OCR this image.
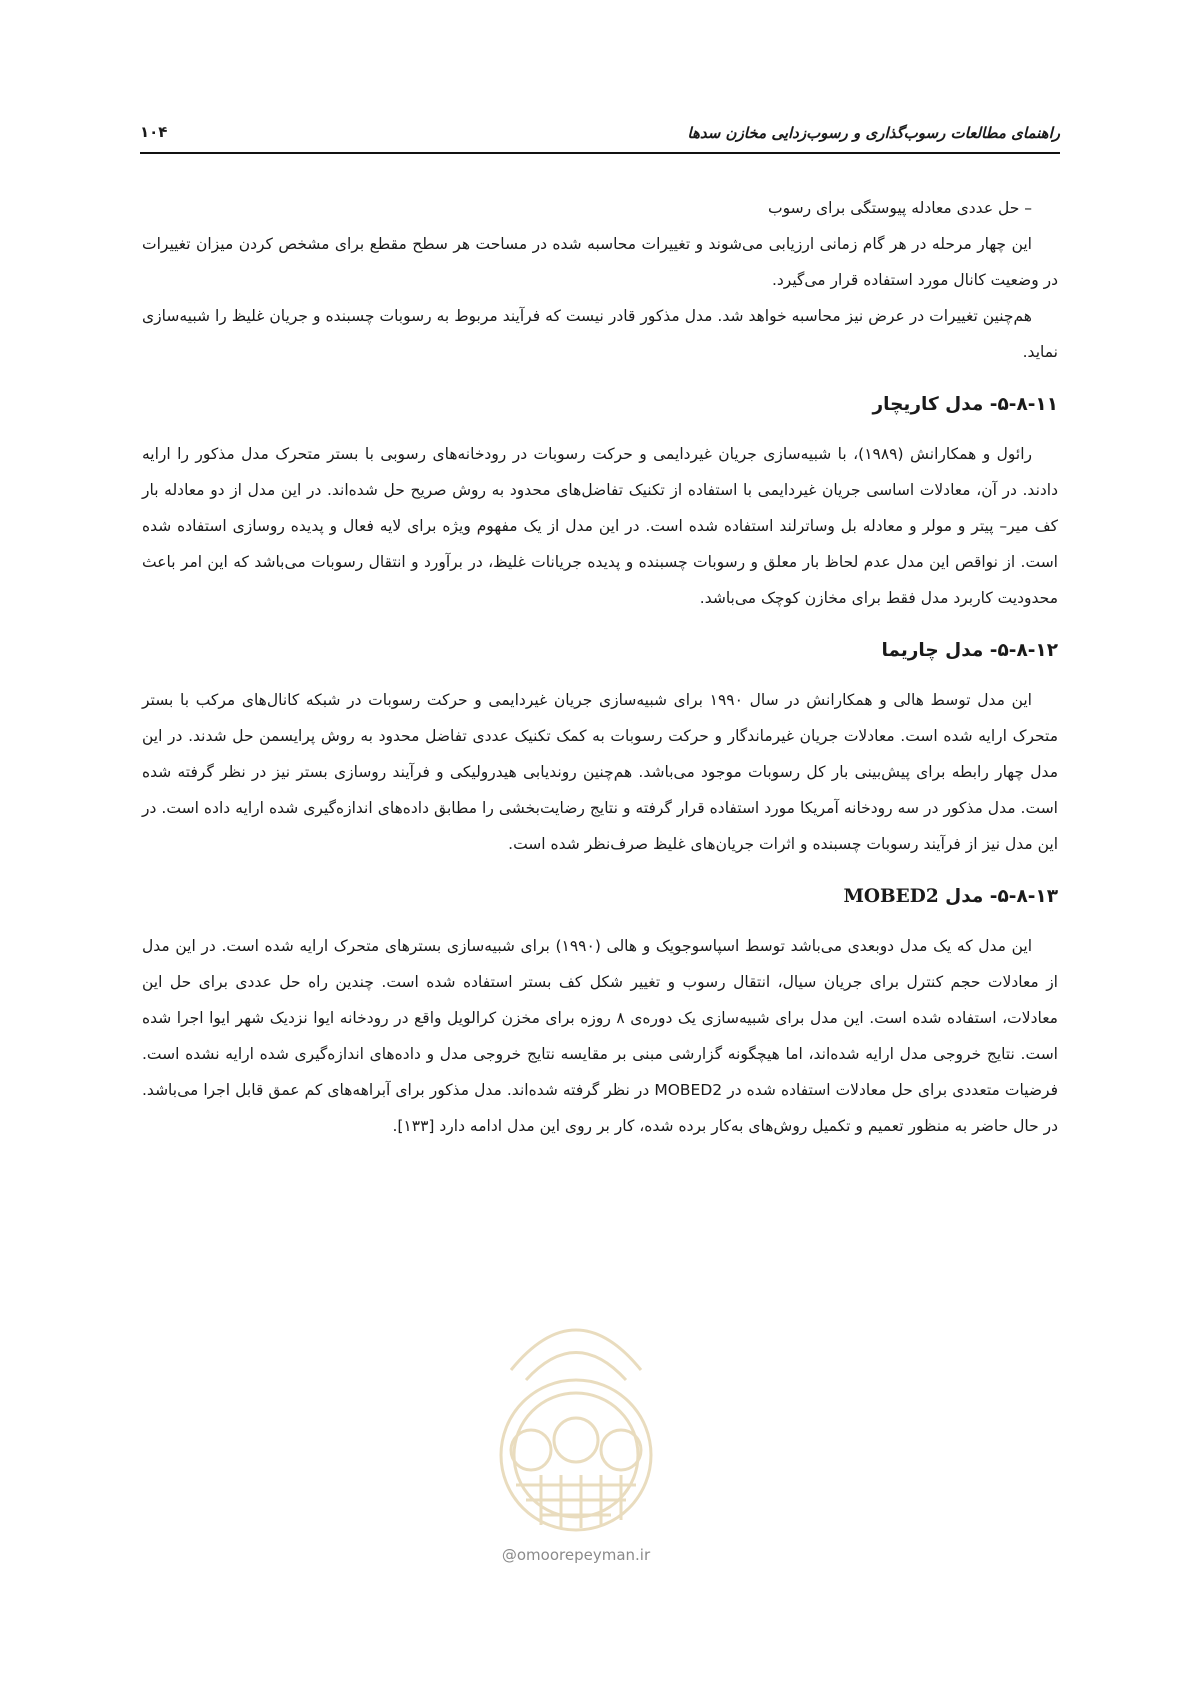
راهنمای مطالعات رسوب‌گذاری و رسوب‌زدایی مخازن سدها
۱۰۴

– حل عددی معادله پیوستگی برای رسوب

این چهار مرحله در هر گام زمانی ارزیابی می‌شوند و تغییرات محاسبه شده در مساحت هر سطح مقطع برای مشخص کردن میزان تغییرات در وضعیت کانال مورد استفاده قرار می‌گیرد.

هم‌چنین تغییرات در عرض نیز محاسبه خواهد شد. مدل مذکور قادر نیست که فرآیند مربوط به رسوبات چسبنده و جریان غلیظ را شبیه‌سازی نماید.

۵-۸-۱۱- مدل کاریچار

رائول و همکارانش (۱۹۸۹)، با شبیه‌سازی جریان غیردایمی و حرکت رسوبات در رودخانه‌های رسوبی با بستر متحرک مدل مذکور را ارایه دادند. در آن، معادلات اساسی جریان غیردایمی با استفاده از تکنیک تفاضل‌های محدود به روش صریح حل شده‌اند. در این مدل از دو معادله بار کف میر– پیتر و مولر و معادله بل وساترلند استفاده شده است. در این مدل از یک مفهوم ویژه برای لایه فعال و پدیده روسازی استفاده شده است. از نواقص این مدل عدم لحاظ بار معلق و رسوبات چسبنده و پدیده جریانات غلیظ، در برآورد و انتقال رسوبات می‌باشد که این امر باعث محدودیت کاربرد مدل فقط برای مخازن کوچک می‌باشد.

۵-۸-۱۲- مدل چاریما

این مدل توسط هالی و همکارانش در سال ۱۹۹۰ برای شبیه‌سازی جریان غیردایمی و حرکت رسوبات در شبکه کانال‌های مرکب با بستر متحرک ارایه شده است. معادلات جریان غیرماندگار و حرکت رسوبات به کمک تکنیک عددی تفاضل محدود به روش پرایسمن حل شدند. در این مدل چهار رابطه برای پیش‌بینی بار کل رسوبات موجود می‌باشد. هم‌چنین روندیابی هیدرولیکی و فرآیند روسازی بستر نیز در نظر گرفته شده است. مدل مذکور در سه رودخانه آمریکا مورد استفاده قرار گرفته و نتایج رضایت‌بخشی را مطابق داده‌های اندازه‌گیری شده ارایه داده است. در این مدل نیز از فرآیند رسوبات چسبنده و اثرات جریان‌های غلیظ صرف‌نظر شده است.

۵-۸-۱۳- مدل MOBED2

این مدل که یک مدل دوبعدی می‌باشد توسط اسپاسوجویک و هالی (۱۹۹۰) برای شبیه‌سازی بسترهای متحرک ارایه شده است. در این مدل از معادلات حجم کنترل برای جریان سیال، انتقال رسوب و تغییر شکل کف بستر استفاده شده است. چندین راه حل عددی برای حل این معادلات، استفاده شده است. این مدل برای شبیه‌سازی یک دوره‌ی ۸ روزه برای مخزن کرالویل واقع در رودخانه ایوا نزدیک شهر ایوا اجرا شده است. نتایج خروجی مدل ارایه شده‌اند، اما هیچگونه گزارشی مبنی بر مقایسه نتایج خروجی مدل و داده‌های اندازه‌گیری شده ارایه نشده است. فرضیات متعددی برای حل معادلات استفاده شده در MOBED2 در نظر گرفته شده‌اند. مدل مذکور برای آبراهه‌های کم عمق قابل اجرا می‌باشد. در حال حاضر به منظور تعمیم و تکمیل روش‌های به‌کار برده شده، کار بر روی این مدل ادامه دارد [۱۳۳].

@omoorepeyman.ir
